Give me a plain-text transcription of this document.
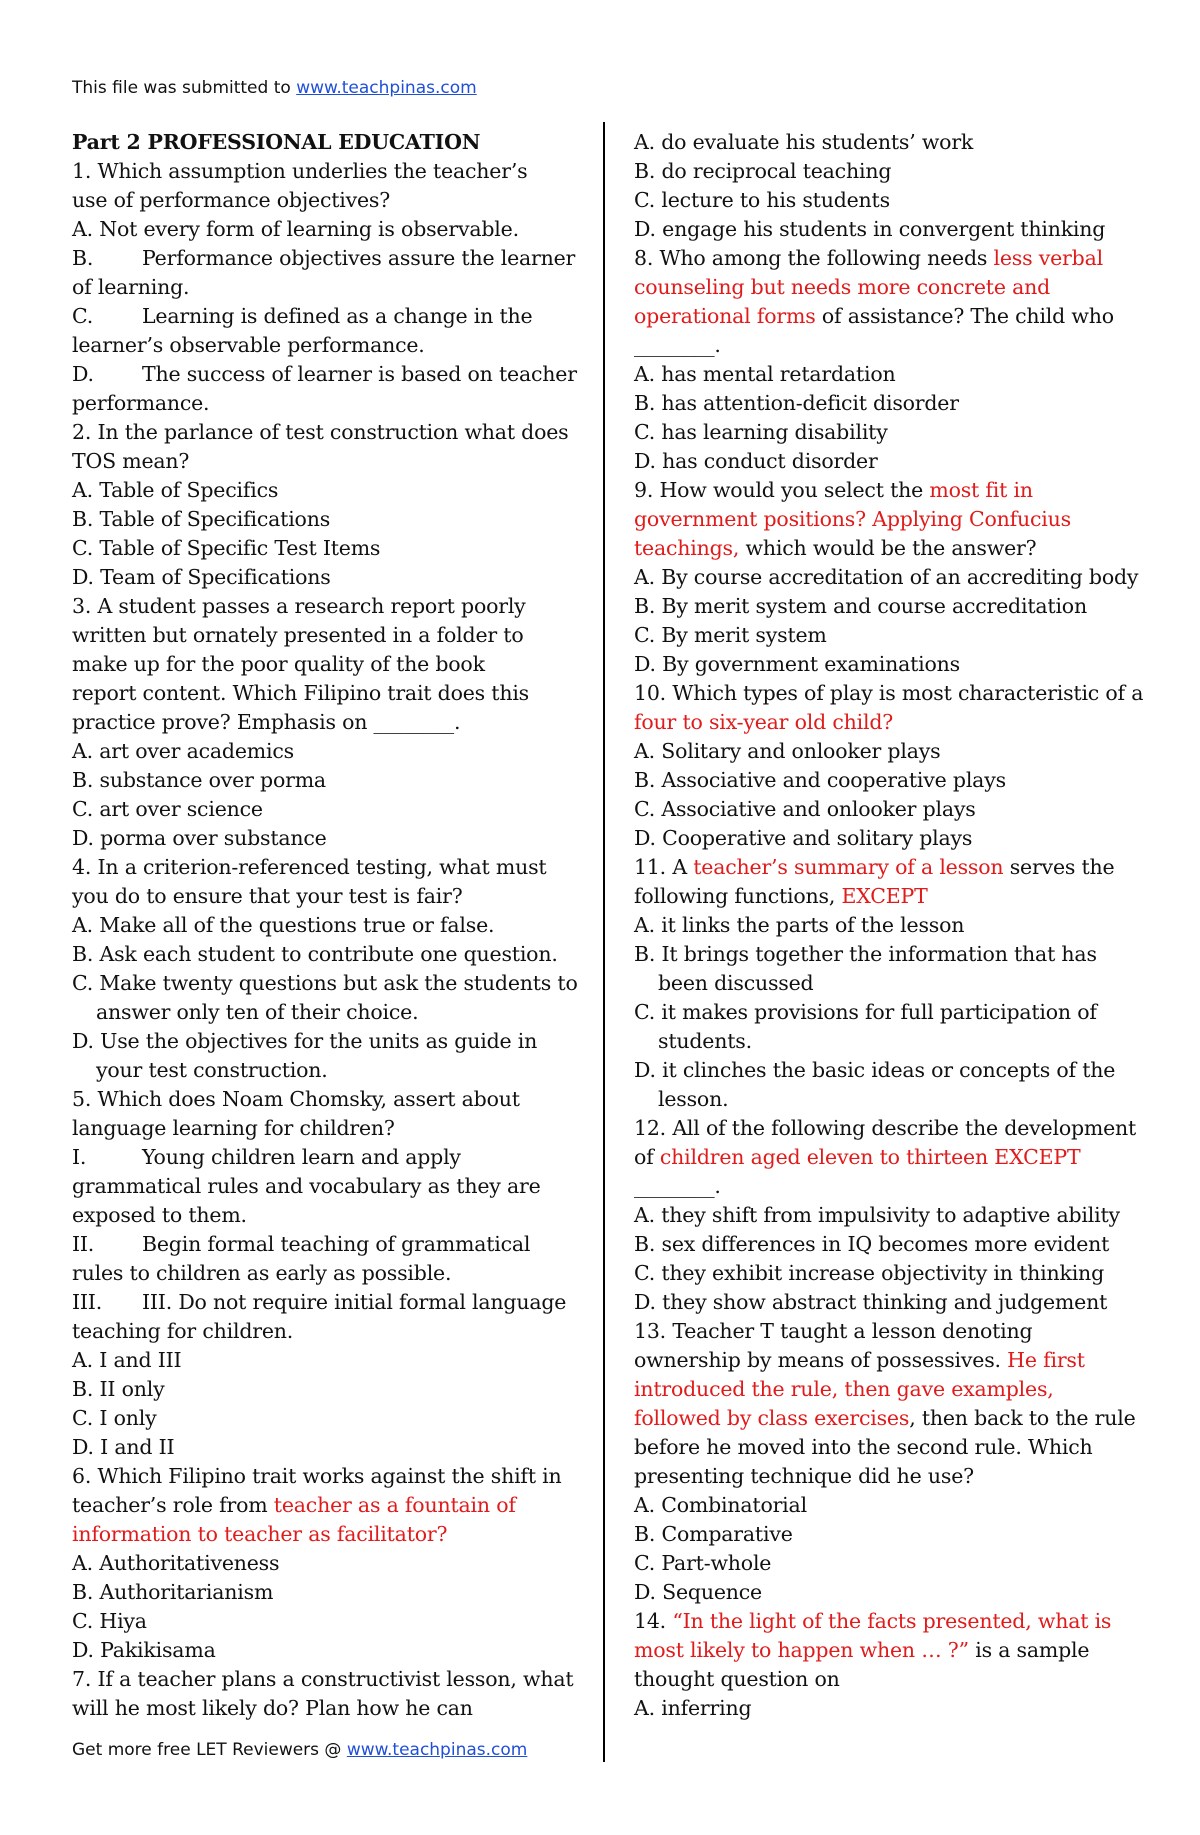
This file was submitted to www.teachpinas.com
Part 2 PROFESSIONAL EDUCATION
1. Which assumption underlies the teacher’s
use of performance objectives?
A. Not every form of learning is observable.
B. Performance objectives assure the learner
of learning.
C. Learning is defined as a change in the
learner’s observable performance.
D. The success of learner is based on teacher
performance.
2. In the parlance of test construction what does
TOS mean?
A. Table of Specifics
B. Table of Specifications
C. Table of Specific Test Items
D. Team of Specifications
3. A student passes a research report poorly
written but ornately presented in a folder to
make up for the poor quality of the book
report content. Which Filipino trait does this
practice prove? Emphasis on ________.
A. art over academics
B. substance over porma
C. art over science
D. porma over substance
4. In a criterion-referenced testing, what must
you do to ensure that your test is fair?
A. Make all of the questions true or false.
B. Ask each student to contribute one question.
C. Make twenty questions but ask the students to
answer only ten of their choice.
D. Use the objectives for the units as guide in
your test construction.
5. Which does Noam Chomsky, assert about
language learning for children?
I.	Young children learn and apply
grammatical rules and vocabulary as they are
exposed to them.
II. Begin formal teaching of grammatical
rules to children as early as possible.
III. III. Do not require initial formal language
teaching for children.
A. I and III
B. II only
C. I only
D. I and II
6. Which Filipino trait works against the shift in
teacher’s role from teacher as a fountain of
information to teacher as facilitator?
A. Authoritativeness
B. Authoritarianism
C. Hiya
D. Pakikisama
7. If a teacher plans a constructivist lesson, what
will he most likely do? Plan how he can
A. do evaluate his students’ work
B. do reciprocal teaching
C. lecture to his students
D. engage his students in convergent thinking
8. Who among the following needs less verbal
counseling but needs more concrete and
operational forms of assistance? The child who
________.
A. has mental retardation
B. has attention-deficit disorder
C. has learning disability
D. has conduct disorder
9. How would you select the most fit in
government positions? Applying Confucius
teachings, which would be the answer?
A. By course accreditation of an accrediting body
B. By merit system and course accreditation
C. By merit system
D. By government examinations
10. Which types of play is most characteristic of a
four to six-year old child?
A. Solitary and onlooker plays
B. Associative and cooperative plays
C. Associative and onlooker plays
D. Cooperative and solitary plays
11. A teacher’s summary of a lesson serves the
following functions, EXCEPT
A. it links the parts of the lesson
B. It brings together the information that has
been discussed
C. it makes provisions for full participation of
students.
D. it clinches the basic ideas or concepts of the
lesson.
12. All of the following describe the development
of children aged eleven to thirteen EXCEPT
________.
A. they shift from impulsivity to adaptive ability
B. sex differences in IQ becomes more evident
C. they exhibit increase objectivity in thinking
D. they show abstract thinking and judgement
13. Teacher T taught a lesson denoting
ownership by means of possessives. He first
introduced the rule, then gave examples,
followed by class exercises, then back to the rule
before he moved into the second rule. Which
presenting technique did he use?
A. Combinatorial
B. Comparative
C. Part-whole
D. Sequence
14. “In the light of the facts presented, what is
most likely to happen when … ?” is a sample
thought question on
A. inferring
Get more free LET Reviewers @ www.teachpinas.com
